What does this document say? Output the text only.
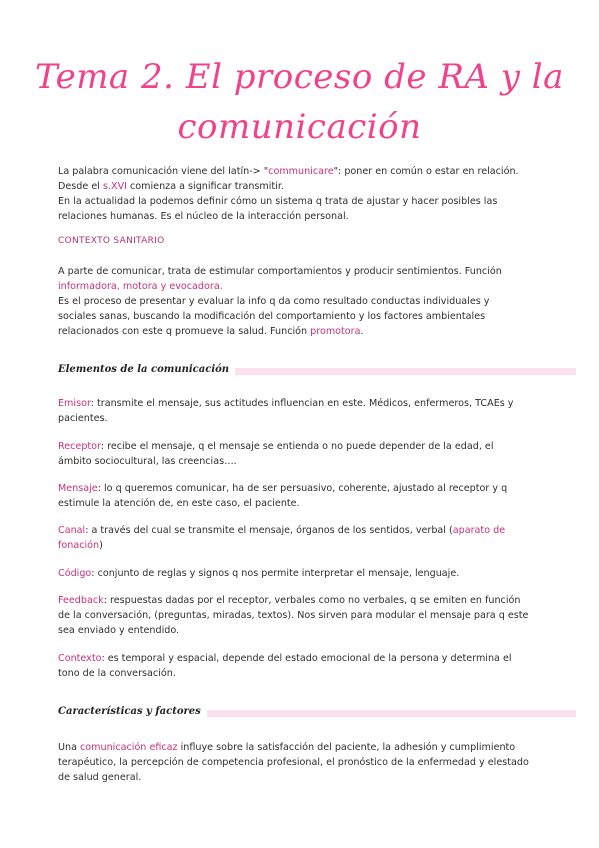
Tema 2. El proceso de RA y la
comunicación
La palabra comunicación viene del latín-> "communicare": poner en común o estar en relación.
Desde el s.XVI comienza a significar transmitir.
En la actualidad la podemos definir cómo un sistema q trata de ajustar y hacer posibles las
relaciones humanas. Es el núcleo de la interacción personal.
CONTEXTO SANITARIO
A parte de comunicar, trata de estimular comportamientos y producir sentimientos. Función
informadora, motora y evocadora.
Es el proceso de presentar y evaluar la info q da como resultado conductas individuales y
sociales sanas, buscando la modificación del comportamiento y los factores ambientales
relacionados con este q promueve la salud. Función promotora.
Elementos de la comunicación
Emisor: transmite el mensaje, sus actitudes influencian en este. Médicos, enfermeros, TCAEs y
pacientes.
Receptor: recibe el mensaje, q el mensaje se entienda o no puede depender de la edad, el
ámbito sociocultural, las creencias….
Mensaje: lo q queremos comunicar, ha de ser persuasivo, coherente, ajustado al receptor y q
estimule la atención de, en este caso, el paciente.
Canal: a través del cual se transmite el mensaje, órganos de los sentidos, verbal (aparato de
fonación)
Código: conjunto de reglas y signos q nos permite interpretar el mensaje, lenguaje.
Feedback: respuestas dadas por el receptor, verbales como no verbales, q se emiten en función
de la conversación, (preguntas, miradas, textos). Nos sirven para modular el mensaje para q este
sea enviado y entendido.
Contexto: es temporal y espacial, depende del estado emocional de la persona y determina el
tono de la conversación.
Características y factores
Una comunicación eficaz influye sobre la satisfacción del paciente, la adhesión y cumplimiento
terapéutico, la percepción de competencia profesional, el pronóstico de la enfermedad y elestado
de salud general.
